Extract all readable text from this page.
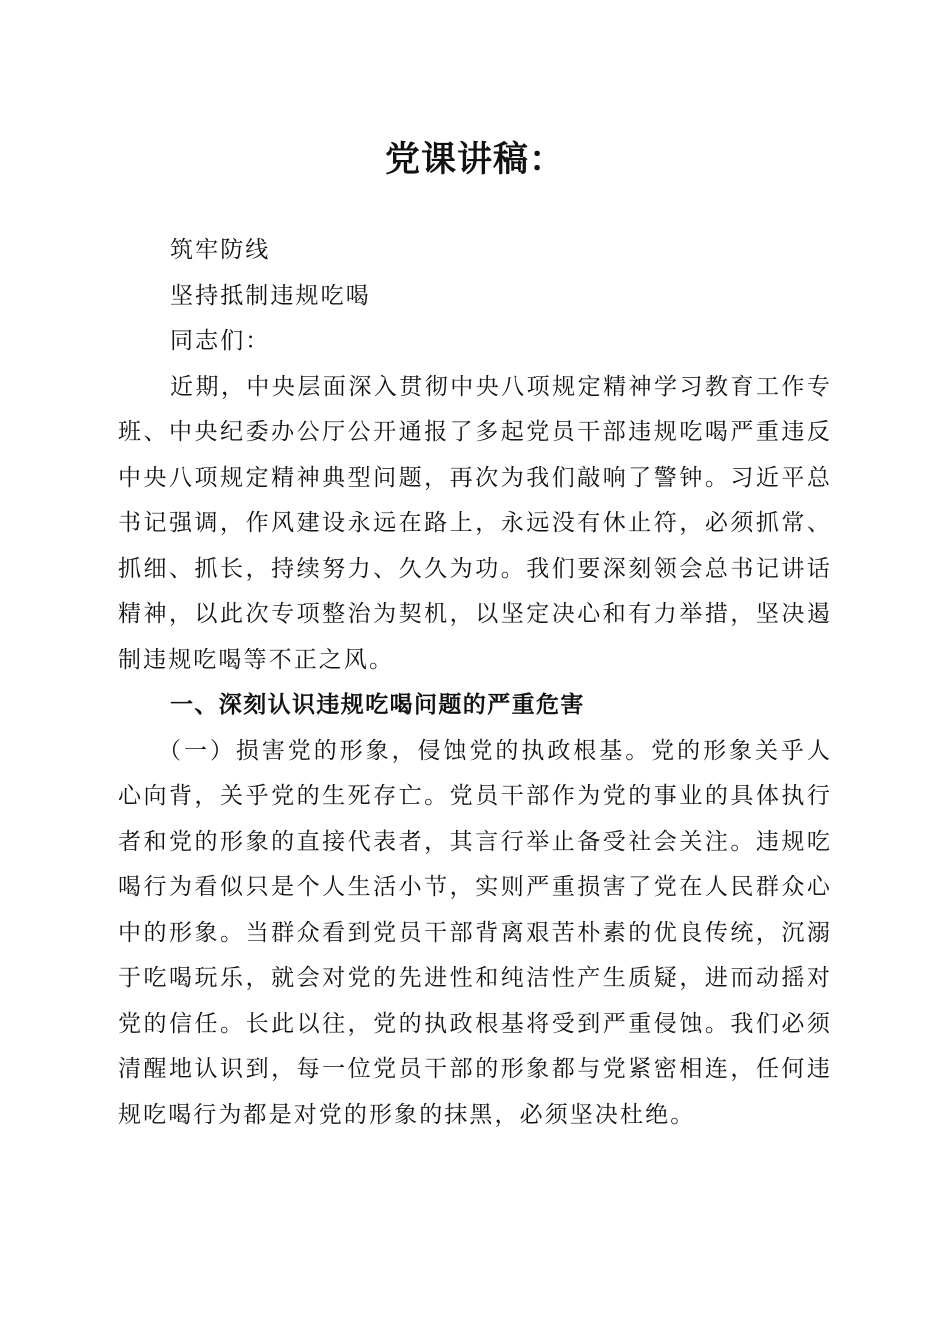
党课讲稿：

筑牢防线

坚持抵制违规吃喝

同志们：

近期，中央层面深入贯彻中央八项规定精神学习教育工作专班、中央纪委办公厅公开通报了多起党员干部违规吃喝严重违反中央八项规定精神典型问题，再次为我们敲响了警钟。习近平总书记强调，作风建设永远在路上，永远没有休止符，必须抓常、抓细、抓长，持续努力、久久为功。我们要深刻领会总书记讲话精神，以此次专项整治为契机，以坚定决心和有力举措，坚决遏制违规吃喝等不正之风。

一、深刻认识违规吃喝问题的严重危害

（一）损害党的形象，侵蚀党的执政根基。党的形象关乎人心向背，关乎党的生死存亡。党员干部作为党的事业的具体执行者和党的形象的直接代表者，其言行举止备受社会关注。违规吃喝行为看似只是个人生活小节，实则严重损害了党在人民群众心中的形象。当群众看到党员干部背离艰苦朴素的优良传统，沉溺于吃喝玩乐，就会对党的先进性和纯洁性产生质疑，进而动摇对党的信任。长此以往，党的执政根基将受到严重侵蚀。我们必须清醒地认识到，每一位党员干部的形象都与党紧密相连，任何违规吃喝行为都是对党的形象的抹黑，必须坚决杜绝。
